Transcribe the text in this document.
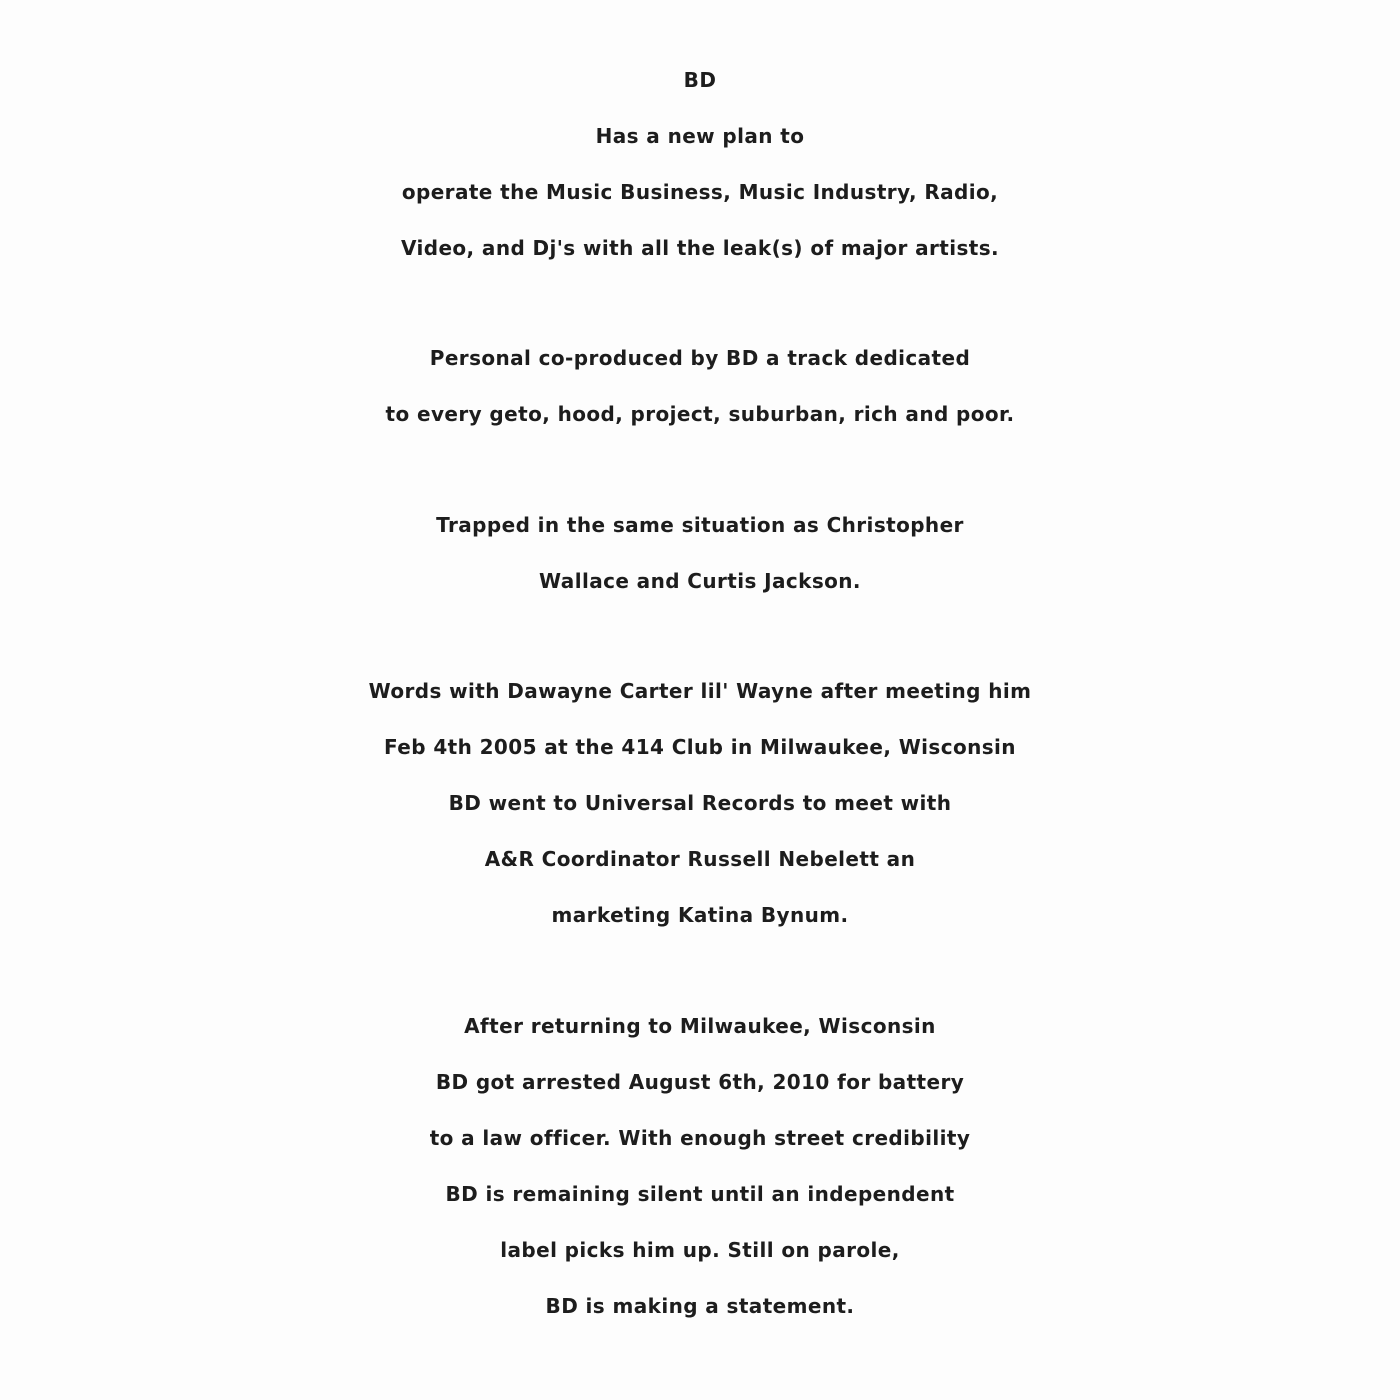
BD
Has a new plan to
operate the Music Business, Music Industry, Radio,
Video, and Dj's with all the leak(s) of major artists.
Personal co-produced by BD a track dedicated
to every geto, hood, project, suburban, rich and poor.
Trapped in the same situation as Christopher
Wallace and Curtis Jackson.
Words with Dawayne Carter lil' Wayne after meeting him
Feb 4th 2005 at the 414 Club in Milwaukee, Wisconsin
BD went to Universal Records to meet with
A&R Coordinator Russell Nebelett an
marketing Katina Bynum.
After returning to Milwaukee, Wisconsin
BD got arrested August 6th, 2010 for battery
to a law officer. With enough street credibility
BD is remaining silent until an independent
label picks him up. Still on parole,
BD is making a statement.
